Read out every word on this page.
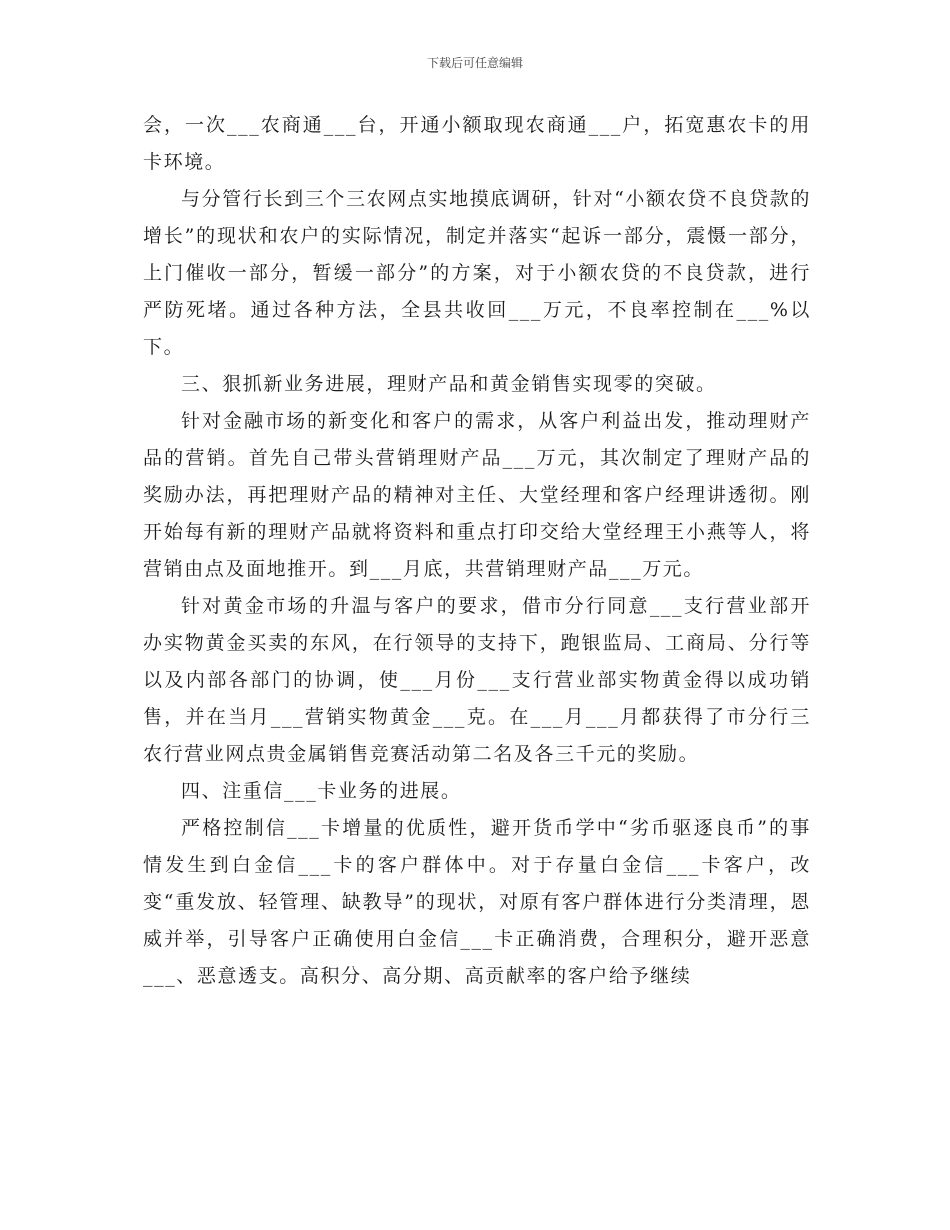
下载后可任意编辑

会，一次___农商通___台，开通小额取现农商通___户，拓宽惠农卡的用卡环境。

与分管行长到三个三农网点实地摸底调研，针对“小额农贷不良贷款的增长”的现状和农户的实际情况，制定并落实“起诉一部分，震慑一部分，上门催收一部分，暂缓一部分”的方案，对于小额农贷的不良贷款，进行严防死堵。通过各种方法，全县共收回___万元，不良率控制在___%以下。

三、狠抓新业务进展，理财产品和黄金销售实现零的突破。

针对金融市场的新变化和客户的需求，从客户利益出发，推动理财产品的营销。首先自己带头营销理财产品___万元，其次制定了理财产品的奖励办法，再把理财产品的精神对主任、大堂经理和客户经理讲透彻。刚开始每有新的理财产品就将资料和重点打印交给大堂经理王小燕等人，将营销由点及面地推开。到___月底，共营销理财产品___万元。

针对黄金市场的升温与客户的要求，借市分行同意___支行营业部开办实物黄金买卖的东风，在行领导的支持下，跑银监局、工商局、分行等以及内部各部门的协调，使___月份___支行营业部实物黄金得以成功销售，并在当月___营销实物黄金___克。在___月___月都获得了市分行三农行营业网点贵金属销售竞赛活动第二名及各三千元的奖励。

四、注重信___卡业务的进展。

严格控制信___卡增量的优质性，避开货币学中“劣币驱逐良币”的事情发生到白金信___卡的客户群体中。对于存量白金信___卡客户，改变“重发放、轻管理、缺教导”的现状，对原有客户群体进行分类清理，恩威并举，引导客户正确使用白金信___卡正确消费，合理积分，避开恶意___、恶意透支。高积分、高分期、高贡献率的客户给予继续
